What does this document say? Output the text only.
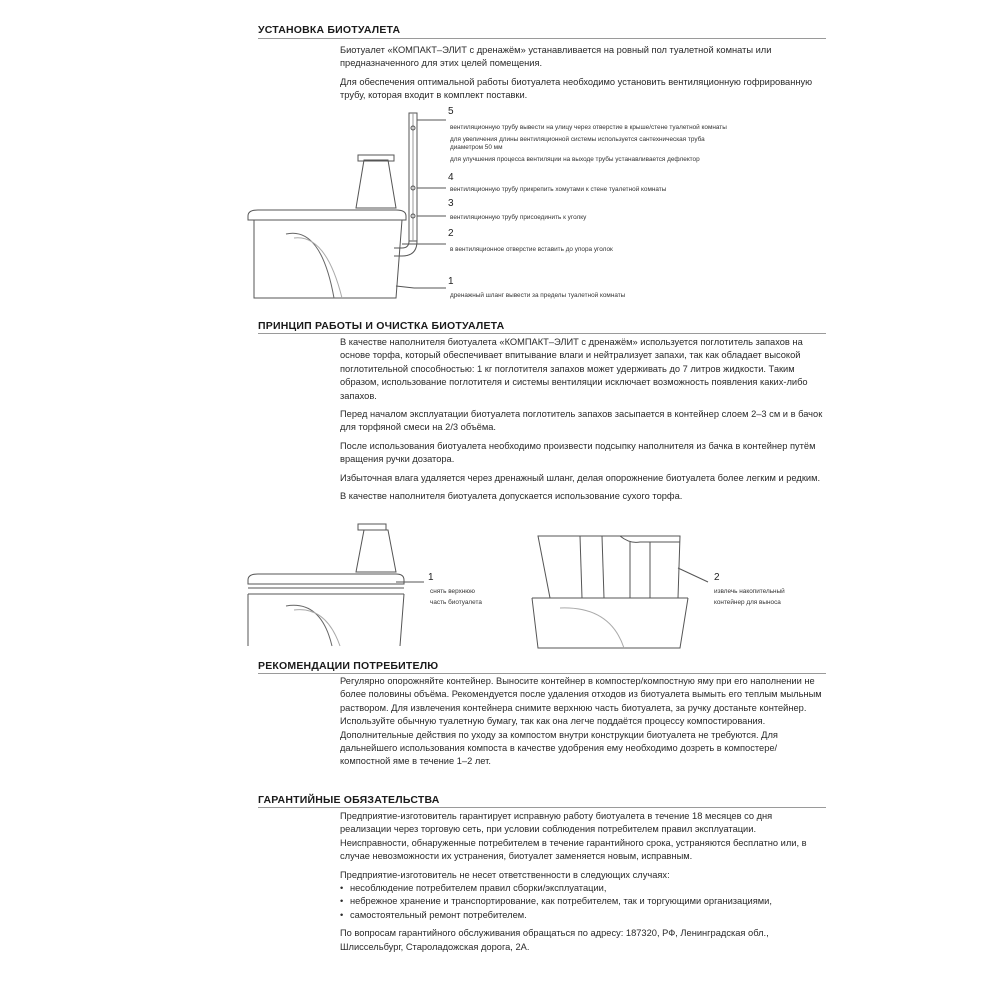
УСТАНОВКА БИОТУАЛЕТА

Биотуалет «КОМПАКТ–ЭЛИТ с дренажём» устанавливается на ровный пол туалетной комнаты или предназначенного для этих целей помещения.

Для обеспечения оптимальной работы биотуалета необходимо установить вентиляционную гофрированную трубу, которая входит в комплект поставки.

5
вентиляционную трубу вывести на улицу через отверстие в крыше/стене туалетной комнаты
для увеличения длины вентиляционной системы используется сантехническая труба
диаметром 50 мм
для улучшения процесса вентиляции на выходе трубы устанавливается дефлектор
4
вентиляционную трубу прикрепить хомутами к стене туалетной комнаты
3
вентиляционную трубу присоединить к уголку
2
в вентиляционное отверстие вставить до упора уголок
1
дренажный шланг вывести за пределы туалетной комнаты
ПРИНЦИП РАБОТЫ И ОЧИСТКА БИОТУАЛЕТА

В качестве наполнителя биотуалета «КОМПАКТ–ЭЛИТ с дренажём» используется поглотитель запахов на основе торфа, который обеспечивает впитывание влаги и нейтрализует запахи, так как обладает высокой поглотительной способностью: 1 кг поглотителя запахов может удерживать до 7 литров жидкости. Таким образом, использование поглотителя и системы вентиляции исключает возможность появления каких-либо запахов.

Перед началом эксплуатации биотуалета поглотитель запахов засыпается в контейнер слоем 2–3 см и в бачок для торфяной смеси на 2/3 объёма.

После использования биотуалета необходимо произвести подсыпку наполнителя из бачка в контейнер путём вращения ручки дозатора.

Избыточная влага удаляется через дренажный шланг, делая опорожнение биотуалета более легким и редким.

В качестве наполнителя биотуалета допускается использование сухого торфа.

1
снять верхнюю
часть биотуалета
2
извлечь накопительный
контейнер для выноса
РЕКОМЕНДАЦИИ ПОТРЕБИТЕЛЮ

Регулярно опорожняйте контейнер. Выносите контейнер в компостер/компостную яму при его наполнении не более половины объёма. Рекомендуется после удаления отходов из биотуалета вымыть его теплым мыльным раствором. Для извлечения контейнера снимите верхнюю часть биотуалета, за ручку достаньте контейнер. Используйте обычную туалетную бумагу, так как она легче поддаётся процессу компостирования. Дополнительные действия по уходу за компостом внутри конструкции биотуалета не требуются. Для дальнейшего использования компоста в качестве удобрения ему необходимо дозреть в компостере/компостной яме в течение 1–2 лет.

ГАРАНТИЙНЫЕ ОБЯЗАТЕЛЬСТВА

Предприятие-изготовитель гарантирует исправную работу биотуалета в течение 18 месяцев со дня реализации через торговую сеть, при условии соблюдения потребителем правил эксплуатации. Неисправности, обнаруженные потребителем в течение гарантийного срока, устраняются бесплатно или, в случае невозможности их устранения, биотуалет заменяется новым, исправным.

Предприятие-изготовитель не несет ответственности в следующих случаях:

• несоблюдение потребителем правил сборки/эксплуатации,
• небрежное хранение и транспортирование, как потребителем, так и торгующими организациями,
• самостоятельный ремонт потребителем.

По вопросам гарантийного обслуживания обращаться по адресу: 187320, РФ, Ленинградская обл., Шлиссельбург, Староладожская дорога, 2А.
